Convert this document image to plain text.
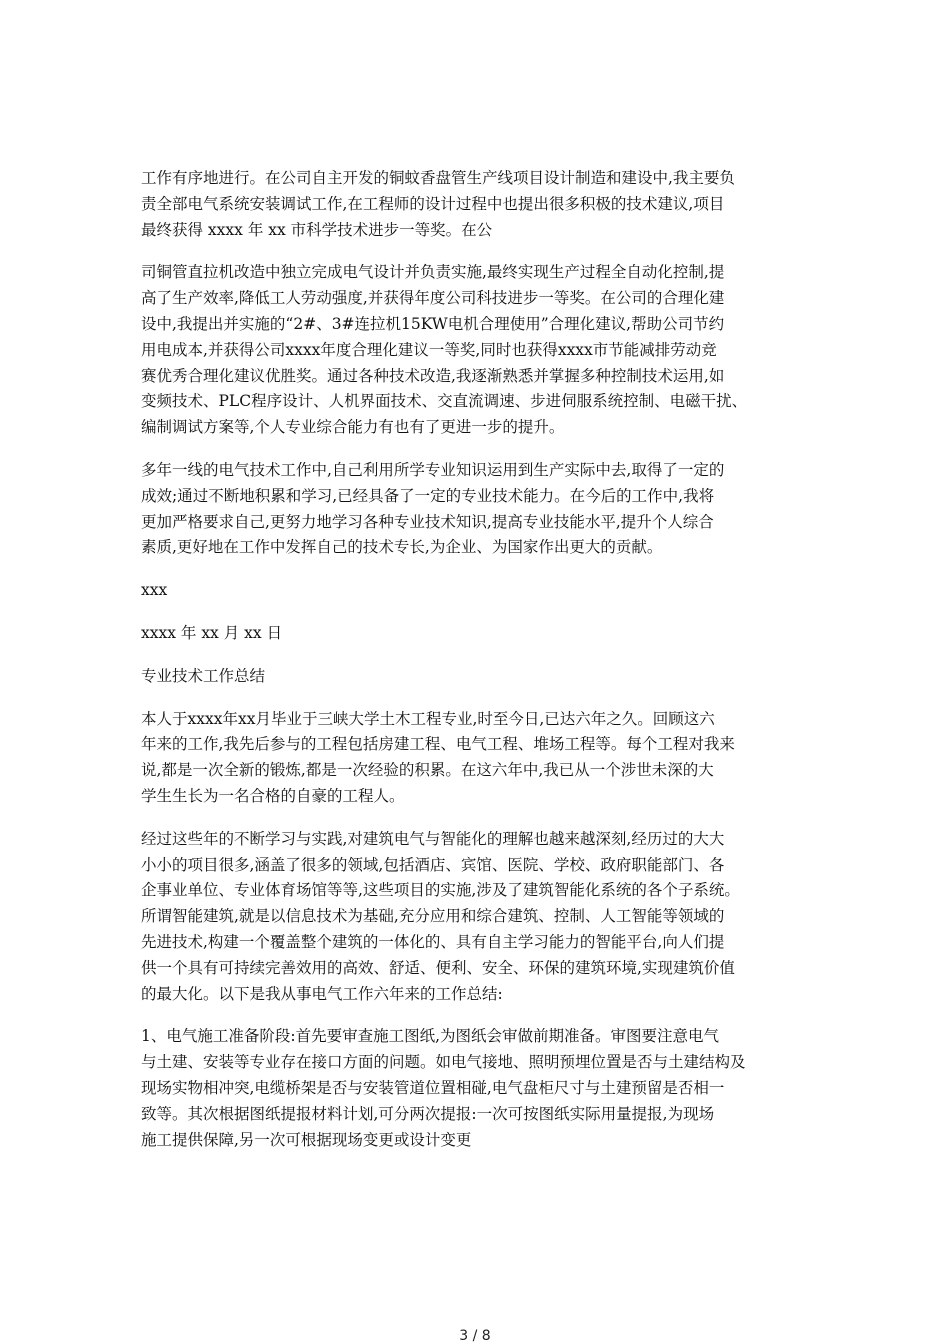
工作有序地进行。在公司自主开发的铜蚊香盘管生产线项目设计制造和建设中,我主要负
责全部电气系统安装调试工作,在工程师的设计过程中也提出很多积极的技术建议,项目
最终获得 xxxx 年 xx 市科学技术进步一等奖。在公

司铜管直拉机改造中独立完成电气设计并负责实施,最终实现生产过程全自动化控制,提
高了生产效率,降低工人劳动强度,并获得年度公司科技进步一等奖。在公司的合理化建
设中,我提出并实施的“2#、3#连拉机15KW电机合理使用”合理化建议,帮助公司节约
用电成本,并获得公司xxxx年度合理化建议一等奖,同时也获得xxxx市节能减排劳动竞
赛优秀合理化建议优胜奖。通过各种技术改造,我逐渐熟悉并掌握多种控制技术运用,如
变频技术、PLC程序设计、人机界面技术、交直流调速、步进伺服系统控制、电磁干扰、
编制调试方案等,个人专业综合能力有也有了更进一步的提升。

多年一线的电气技术工作中,自己利用所学专业知识运用到生产实际中去,取得了一定的
成效;通过不断地积累和学习,已经具备了一定的专业技术能力。在今后的工作中,我将
更加严格要求自己,更努力地学习各种专业技术知识,提高专业技能水平,提升个人综合
素质,更好地在工作中发挥自己的技术专长,为企业、为国家作出更大的贡献。

xxx

xxxx 年 xx 月 xx 日

专业技术工作总结

本人于xxxx年xx月毕业于三峡大学土木工程专业,时至今日,已达六年之久。回顾这六
年来的工作,我先后参与的工程包括房建工程、电气工程、堆场工程等。每个工程对我来
说,都是一次全新的锻炼,都是一次经验的积累。在这六年中,我已从一个涉世未深的大
学生生长为一名合格的自豪的工程人。

经过这些年的不断学习与实践,对建筑电气与智能化的理解也越来越深刻,经历过的大大
小小的项目很多,涵盖了很多的领域,包括酒店、宾馆、医院、学校、政府职能部门、各
企事业单位、专业体育场馆等等,这些项目的实施,涉及了建筑智能化系统的各个子系统。
所谓智能建筑,就是以信息技术为基础,充分应用和综合建筑、控制、人工智能等领域的
先进技术,构建一个覆盖整个建筑的一体化的、具有自主学习能力的智能平台,向人们提
供一个具有可持续完善效用的高效、舒适、便利、安全、环保的建筑环境,实现建筑价值
的最大化。以下是我从事电气工作六年来的工作总结:

1、电气施工准备阶段:首先要审查施工图纸,为图纸会审做前期准备。审图要注意电气
与土建、安装等专业存在接口方面的问题。如电气接地、照明预埋位置是否与土建结构及
现场实物相冲突,电缆桥架是否与安装管道位置相碰,电气盘柜尺寸与土建预留是否相一
致等。其次根据图纸提报材料计划,可分两次提报:一次可按图纸实际用量提报,为现场
施工提供保障,另一次可根据现场变更或设计变更

3 / 8
